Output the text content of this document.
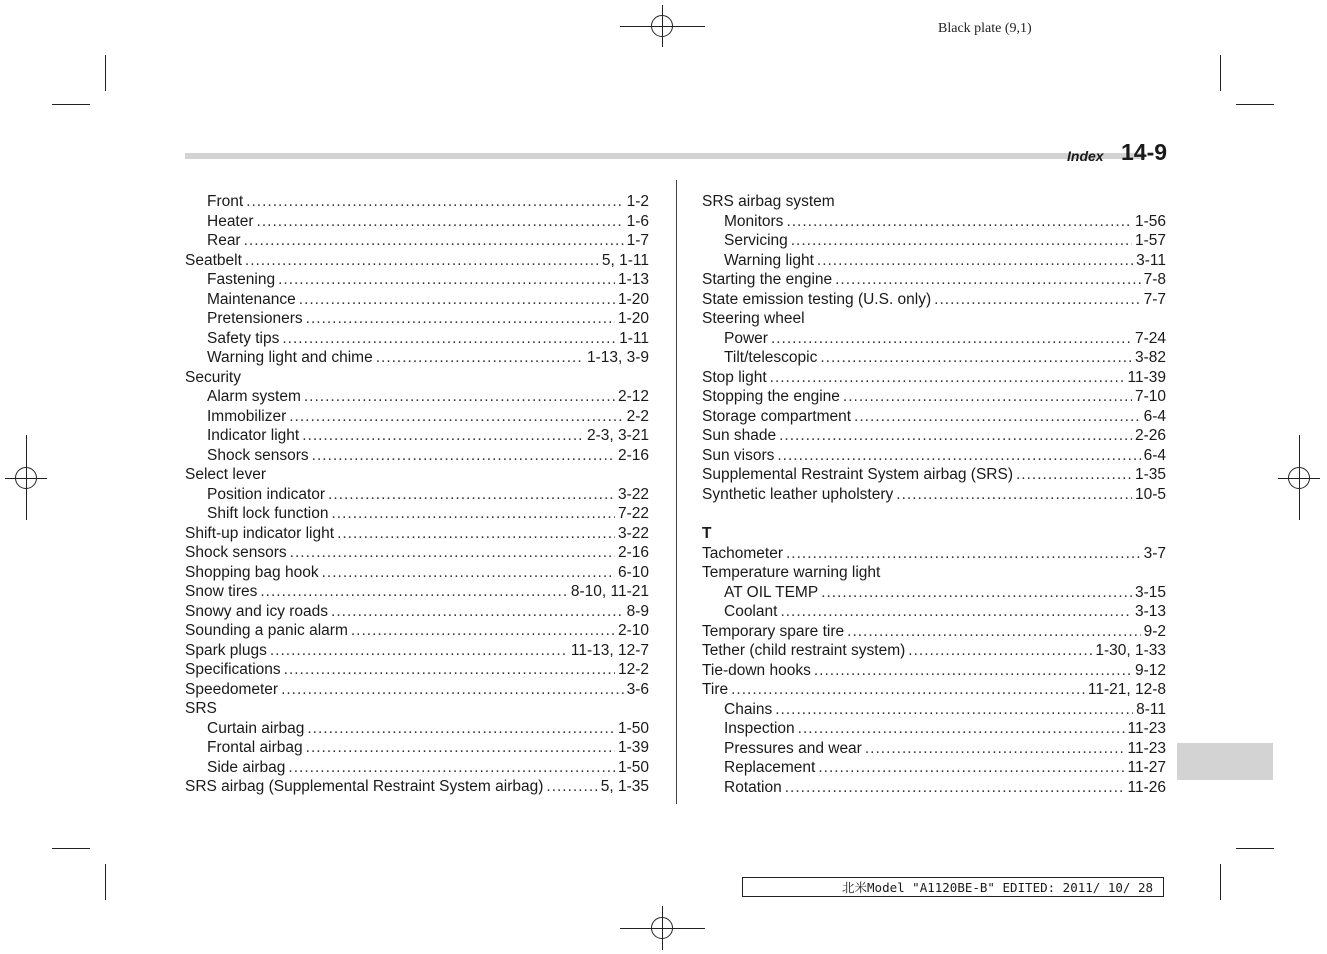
Black plate (9,1)
Index 14-9
Front .....	1-2
Heater .....	1-6
Rear .....	1-7
Seatbelt .....	5, 1-11
Fastening .....	1-13
Maintenance .....	1-20
Pretensioners .....	1-20
Safety tips .....	1-11
Warning light and chime .....	1-13, 3-9
Security
Alarm system .....	2-12
Immobilizer .....	2-2
Indicator light .....	2-3, 3-21
Shock sensors .....	2-16
Select lever
Position indicator .....	3-22
Shift lock function .....	7-22
Shift-up indicator light .....	3-22
Shock sensors .....	2-16
Shopping bag hook .....	6-10
Snow tires .....	8-10, 11-21
Snowy and icy roads .....	8-9
Sounding a panic alarm .....	2-10
Spark plugs .....	11-13, 12-7
Specifications .....	12-2
Speedometer .....	3-6
SRS
Curtain airbag .....	1-50
Frontal airbag .....	1-39
Side airbag .....	1-50
SRS airbag (Supplemental Restraint System airbag) .....	5, 1-35
SRS airbag system
Monitors .....	1-56
Servicing .....	1-57
Warning light .....	3-11
Starting the engine .....	7-8
State emission testing (U.S. only) .....	7-7
Steering wheel
Power .....	7-24
Tilt/telescopic .....	3-82
Stop light .....	11-39
Stopping the engine .....	7-10
Storage compartment .....	6-4
Sun shade .....	2-26
Sun visors .....	6-4
Supplemental Restraint System airbag (SRS) .....	1-35
Synthetic leather upholstery .....	10-5
T
Tachometer .....	3-7
Temperature warning light
AT OIL TEMP .....	3-15
Coolant .....	3-13
Temporary spare tire .....	9-2
Tether (child restraint system) .....	1-30, 1-33
Tie-down hooks .....	9-12
Tire .....	11-21, 12-8
Chains .....	8-11
Inspection .....	11-23
Pressures and wear .....	11-23
Replacement .....	11-27
Rotation .....	11-26
北米Model "A1120BE-B" EDITED: 2011/ 10/ 28
